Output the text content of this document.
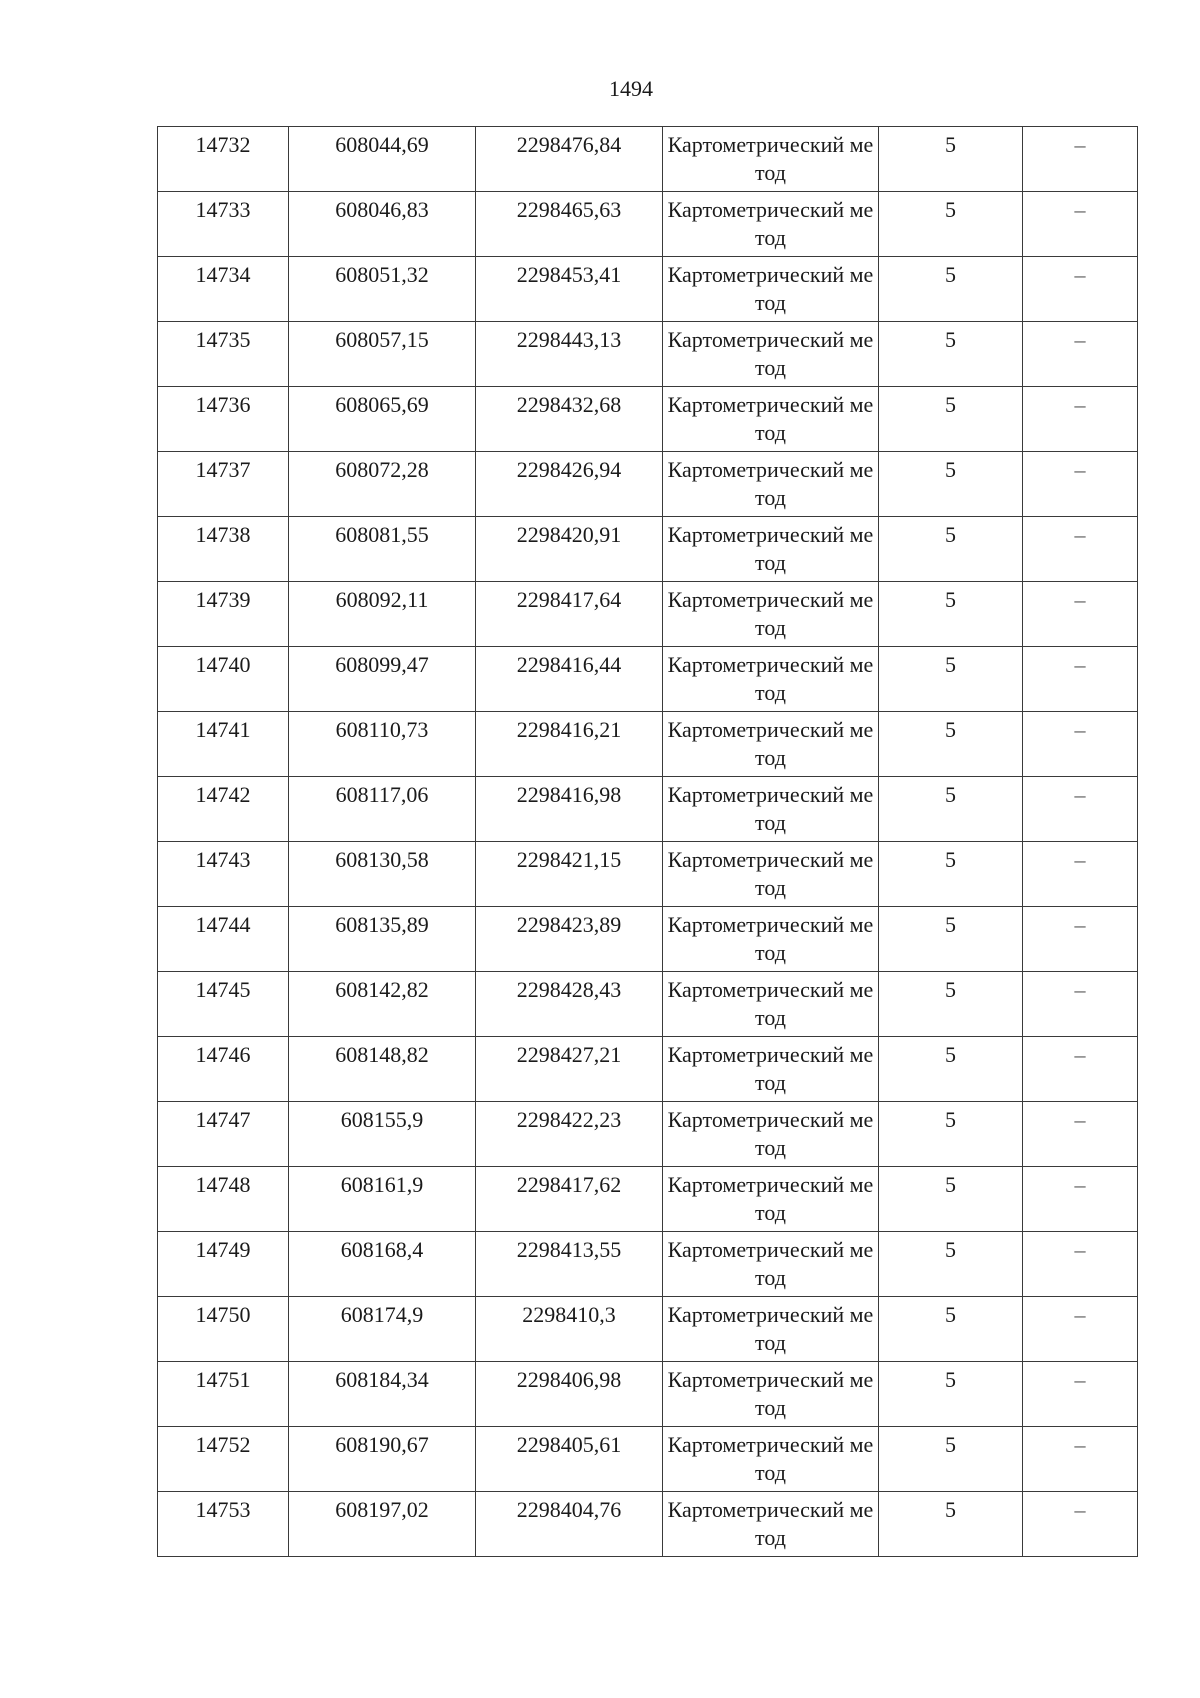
1494
14732	608044,69	2298476,84	Картометрический метод	5	–
14733	608046,83	2298465,63	Картометрический метод	5	–
14734	608051,32	2298453,41	Картометрический метод	5	–
14735	608057,15	2298443,13	Картометрический метод	5	–
14736	608065,69	2298432,68	Картометрический метод	5	–
14737	608072,28	2298426,94	Картометрический метод	5	–
14738	608081,55	2298420,91	Картометрический метод	5	–
14739	608092,11	2298417,64	Картометрический метод	5	–
14740	608099,47	2298416,44	Картометрический метод	5	–
14741	608110,73	2298416,21	Картометрический метод	5	–
14742	608117,06	2298416,98	Картометрический метод	5	–
14743	608130,58	2298421,15	Картометрический метод	5	–
14744	608135,89	2298423,89	Картометрический метод	5	–
14745	608142,82	2298428,43	Картометрический метод	5	–
14746	608148,82	2298427,21	Картометрический метод	5	–
14747	608155,9	2298422,23	Картометрический метод	5	–
14748	608161,9	2298417,62	Картометрический метод	5	–
14749	608168,4	2298413,55	Картометрический метод	5	–
14750	608174,9	2298410,3	Картометрический метод	5	–
14751	608184,34	2298406,98	Картометрический метод	5	–
14752	608190,67	2298405,61	Картометрический метод	5	–
14753	608197,02	2298404,76	Картометрический метод	5	–
